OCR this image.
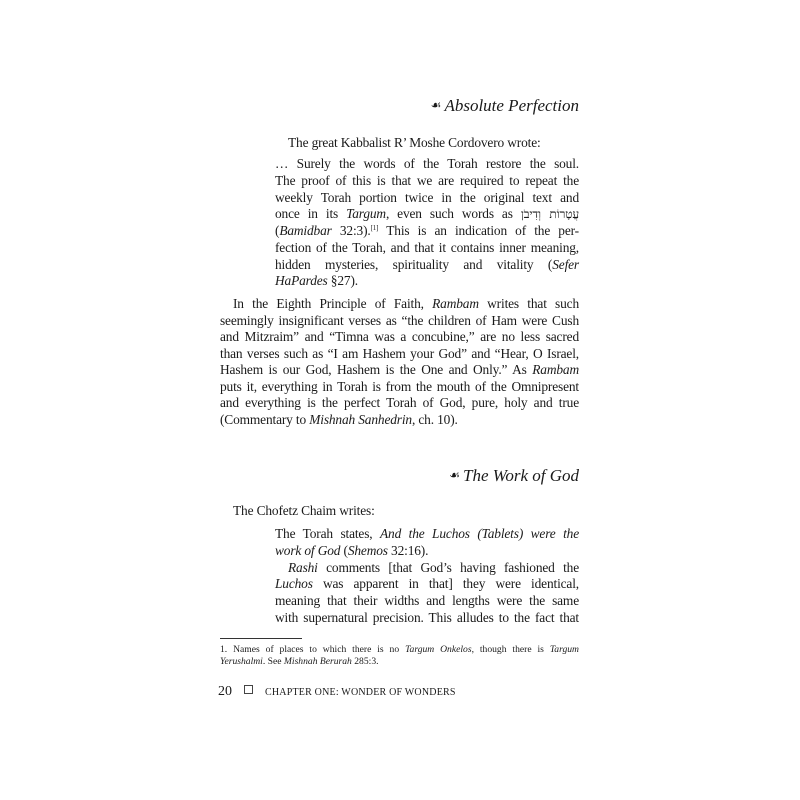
☙ Absolute Perfection
☙ The Work of God
The great Kabbalist R’ Moshe Cordovero wrote:
… Surely the words of the Torah restore the soul.
The proof of this is that we are required to repeat the
weekly Torah portion twice in the original text and
once in its Targum, even such words as עֲטָרוֹת וְדִיבֹן
(Bamidbar 32:3).[1] This is an indication of the per-
fection of the Torah, and that it contains inner meaning,
hidden mysteries, spirituality and vitality (Sefer
HaPardes §27).
In the Eighth Principle of Faith, Rambam writes that such
seemingly insignificant verses as “the children of Ham were Cush
and Mitzraim” and “Timna was a concubine,” are no less sacred
than verses such as “I am Hashem your God” and “Hear, O Israel,
Hashem is our God, Hashem is the One and Only.” As Rambam
puts it, everything in Torah is from the mouth of the Omnipresent
and everything is the perfect Torah of God, pure, holy and true
(Commentary to Mishnah Sanhedrin, ch. 10).
The Chofetz Chaim writes:
The Torah states, And the Luchos (Tablets) were the
work of God (Shemos 32:16).
Rashi comments [that God’s having fashioned the
Luchos was apparent in that] they were identical,
meaning that their widths and lengths were the same
with supernatural precision. This alludes to the fact that
1. Names of places to which there is no Targum Onkelos, though there is Targum
Yerushalmi. See Mishnah Berurah 285:3.
20	CHAPTER ONE: WONDER OF WONDERS
